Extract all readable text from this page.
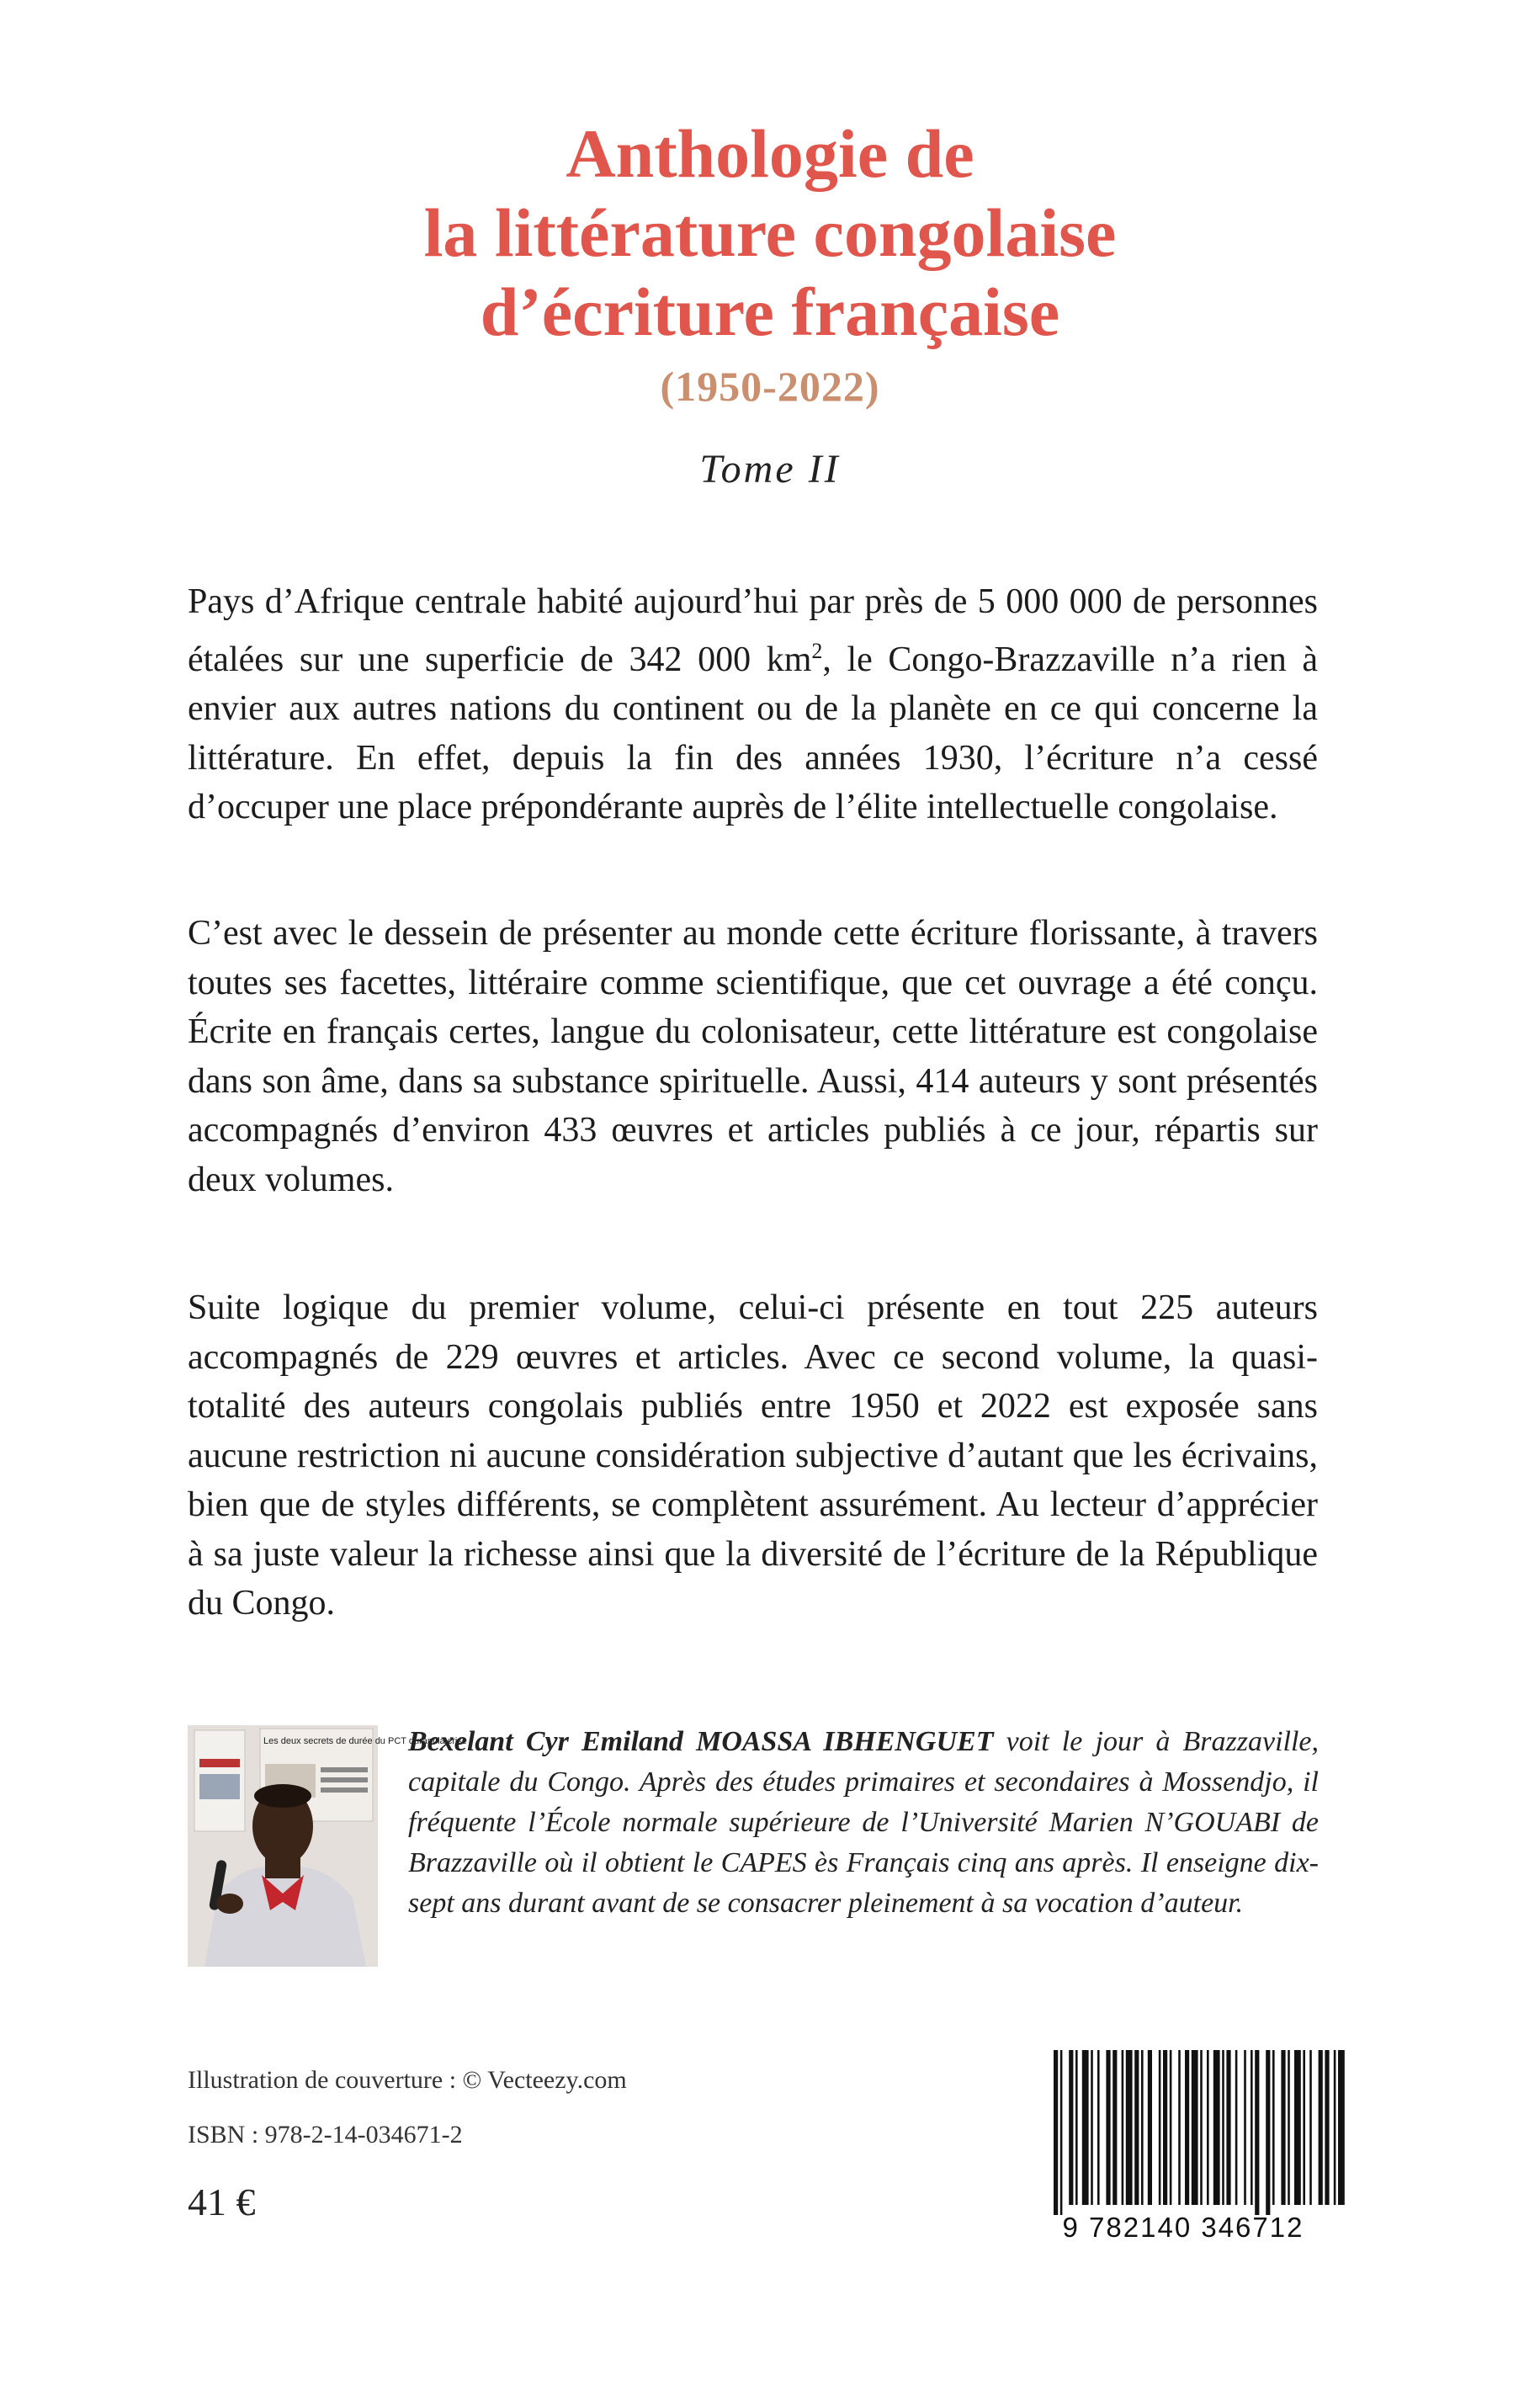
Anthologie de
la littérature congolaise
d’écriture française
(1950-2022)
Tome II

Pays d’Afrique centrale habité aujourd’hui par près de 5 000 000 de personnes étalées sur une superficie de 342 000 $km^2$, le Congo-Brazzaville n’a rien à envier aux autres nations du continent ou de la planète en ce qui concerne la littérature. En effet, depuis la fin des années 1930, l’écriture n’a cessé d’occuper une place prépondérante auprès de l’élite intellectuelle congolaise.

C’est avec le dessein de présenter au monde cette écriture florissante, à travers toutes ses facettes, littéraire comme scientifique, que cet ouvrage a été conçu. Écrite en français certes, langue du colonisateur, cette littérature est congolaise dans son âme, dans sa substance spirituelle. Aussi, 414 auteurs y sont présentés accompagnés d’environ 433 œuvres et articles publiés à ce jour, répartis sur deux volumes.

Suite logique du premier volume, celui-ci présente en tout 225 auteurs accompagnés de 229 œuvres et articles. Avec ce second volume, la quasi-totalité des auteurs congolais publiés entre 1950 et 2022 est exposée sans aucune restriction ni aucune considération subjective d’autant que les écrivains, bien que de styles différents, se complètent assurément. Au lecteur d’apprécier à sa juste valeur la richesse ainsi que la diversité de l’écriture de la République du Congo.

Les deux secrets de durée du PCT durant la crise

Bexelant Cyr Emiland MOASSA IBHENGUET voit le jour à Brazzaville, capitale du Congo. Après des études primaires et secondaires à Mossendjo, il fréquente l’École normale supérieure de l’Université Marien N’GOUABI de Brazzaville où il obtient le CAPES ès Français cinq ans après. Il enseigne dix-sept ans durant avant de se consacrer pleinement à sa vocation d’auteur.

Illustration de couverture : © Vecteezy.com
ISBN : 978-2-14-034671-2
41 €
9 782140 346712
